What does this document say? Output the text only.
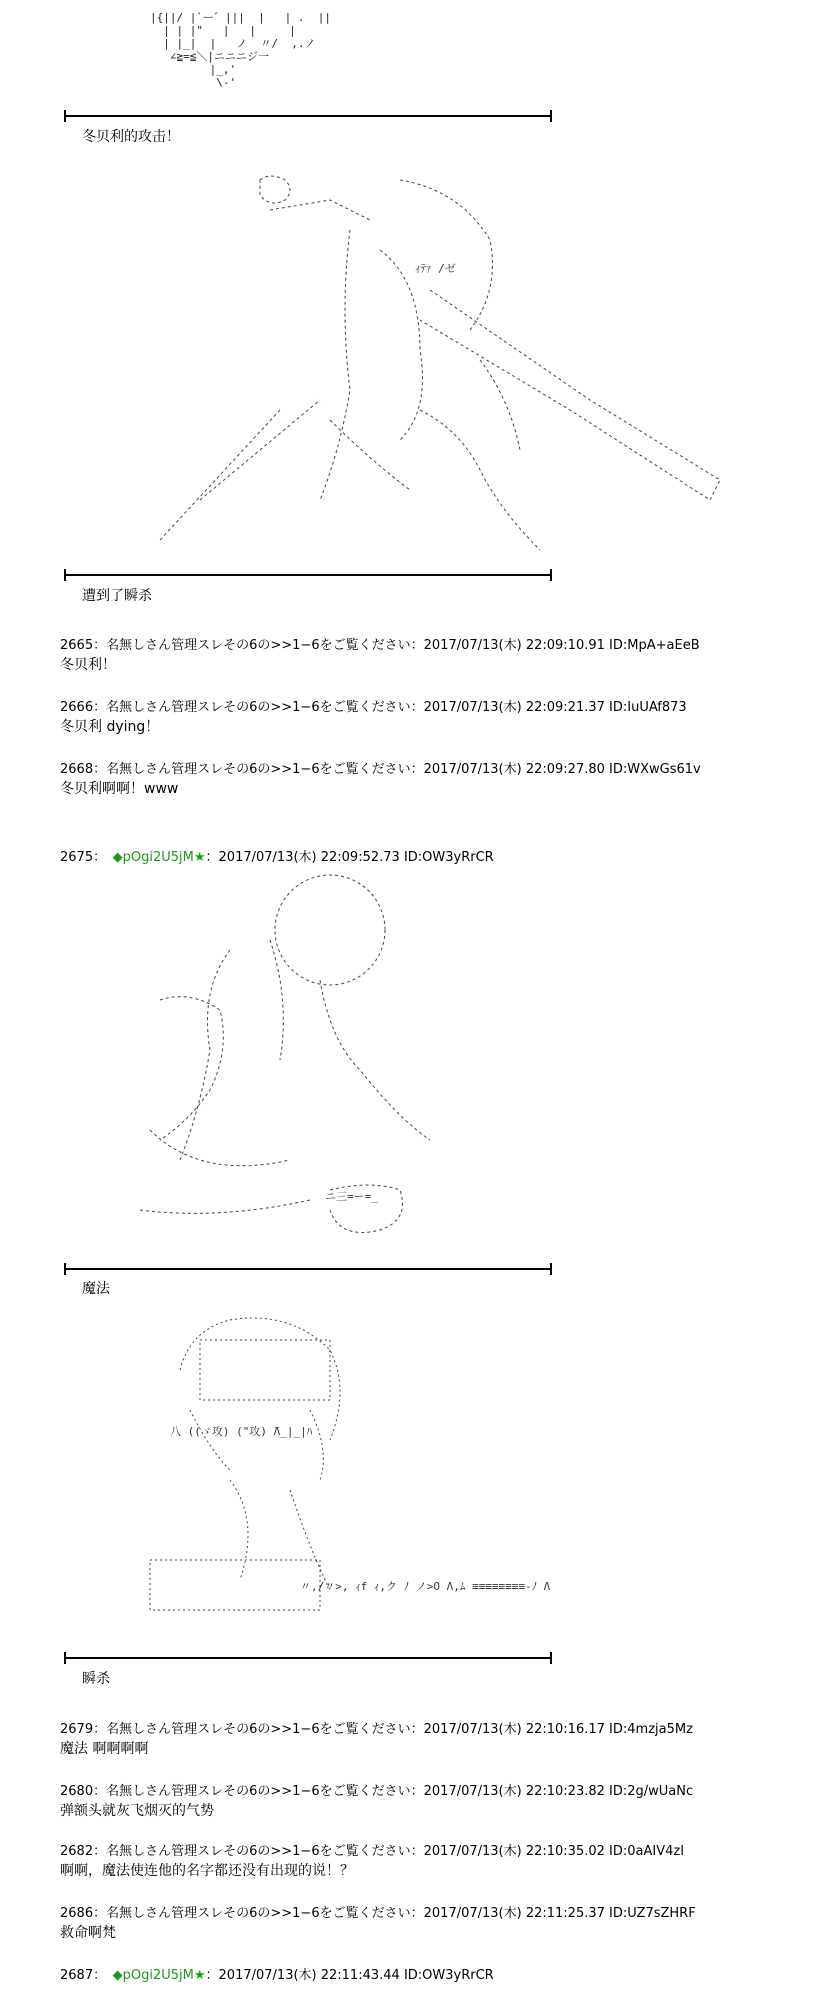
|{||/ |`ー゛|||  |   | .  ||
| | |"   |   |     |
| |_|  |   ノ  〃/  ,.ノ
∠≧=≦＼|ニニニジ一
|_,'
\-'
冬贝利的攻击！
ｨﾃｧ /ゼ
遭到了瞬杀
2665：名無しさん管理スレその6の>>1−6をご覧ください：2017/07/13(木) 22:09:10.91 ID:MpA+aEeB
冬贝利！
2666：名無しさん管理スレその6の>>1−6をご覧ください：2017/07/13(木) 22:09:21.37 ID:IuUAf873
冬贝利 dying！
2668：名無しさん管理スレその6の>>1−6をご覧ください：2017/07/13(木) 22:09:27.80 ID:WXwGs61v
冬贝利啊啊！www
2675：　 ◆pOgi2U5jM★：2017/07/13(木) 22:09:52.73 ID:OW3yRrCR
ニ三=ー=_
魔法
八 ((ゞ攻) ("攻) ̄Λ_|_|ﾊ
〃,/〃>, ｨf ｨ,ク ﾉ ノ>Ο Λ,ﾑ ≡≡≡≡≡≡≡≡-ﾉ Λ
瞬杀
2679：名無しさん管理スレその6の>>1−6をご覧ください：2017/07/13(木) 22:10:16.17 ID:4mzja5Mz
魔法 啊啊啊啊
2680：名無しさん管理スレその6の>>1−6をご覧ください：2017/07/13(木) 22:10:23.82 ID:2g/wUaNc
弹额头就灰飞烟灭的气势
2682：名無しさん管理スレその6の>>1−6をご覧ください：2017/07/13(木) 22:10:35.02 ID:0aAIV4zI
啊啊，魔法使连他的名字都还没有出现的说！？
2686：名無しさん管理スレその6の>>1−6をご覧ください：2017/07/13(木) 22:11:25.37 ID:UZ7sZHRF
救命啊梵
2687：　 ◆pOgi2U5jM★：2017/07/13(木) 22:11:43.44 ID:OW3yRrCR
